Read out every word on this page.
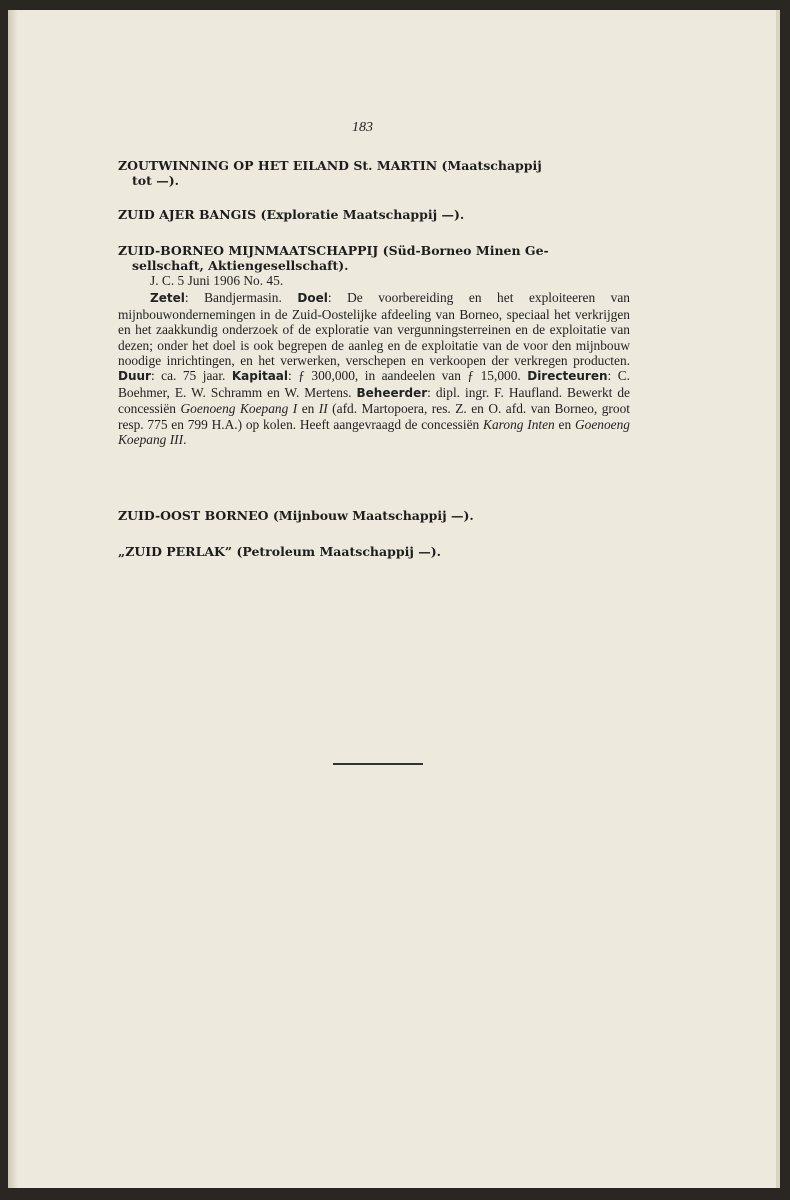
183
ZOUTWINNING OP HET EILAND St. MARTIN (Maatschappij
tot —).
ZUID AJER BANGIS (Exploratie Maatschappij —).
ZUID-BORNEO MIJNMAATSCHAPPIJ (Süd-Borneo Minen Ge-
sellschaft, Aktiengesellschaft).

J. C. 5 Juni 1906 No. 45.

Zetel: Bandjermasin. Doel: De voorbereiding en het exploiteeren van mijnbouwondernemingen in de Zuid-Oostelijke afdeeling van Borneo, speciaal het verkrijgen en het zaakkundig onderzoek of de exploratie van vergunningsterreinen en de exploitatie van dezen; onder het doel is ook begrepen de aanleg en de exploitatie van de voor den mijnbouw noodige inrichtingen, en het verwerken, verschepen en verkoopen der verkregen producten. Duur: ca. 75 jaar. Kapitaal: ƒ 300,000, in aandeelen van ƒ 15,000. Directeuren: C. Boehmer, E. W. Schramm en W. Mertens. Beheerder: dipl. ingr. F. Haufland. Bewerkt de concessiën Goenoeng Koepang I en II (afd. Martopoera, res. Z. en O. afd. van Borneo, groot resp. 775 en 799 H.A.) op kolen. Heeft aangevraagd de concessiën Karong Inten en Goenoeng Koepang III.

ZUID-OOST BORNEO (Mijnbouw Maatschappij —).
„ZUID PERLAK” (Petroleum Maatschappij —).
